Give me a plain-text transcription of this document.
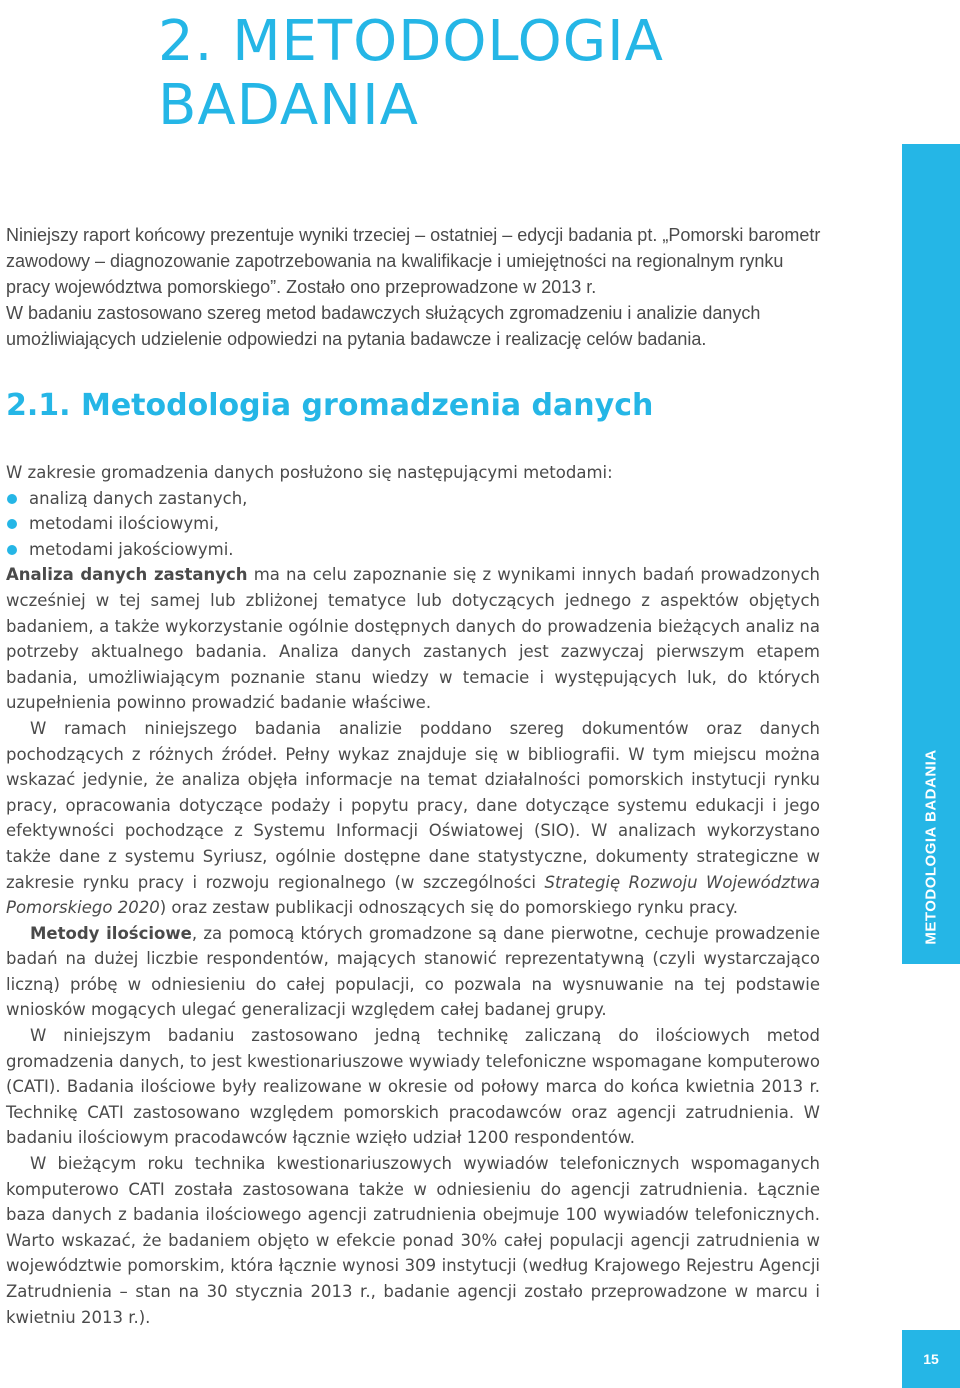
2. METODOLOGIA
BADANIA

Niniejszy raport końcowy prezentuje wyniki trzeciej – ostatniej – edycji badania pt. „Pomorski barometr zawodowy – diagnozowanie zapotrzebowania na kwalifikacje i umiejętności na regionalnym rynku pracy województwa pomorskiego”. Zostało ono przeprowadzone w 2013 r.

W badaniu zastosowano szereg metod badawczych służących zgromadzeniu i analizie danych umożliwiających udzielenie odpowiedzi na pytania badawcze i realizację celów badania.

2.1. Metodologia gromadzenia danych

W zakresie gromadzenia danych posłużono się następującymi metodami:

analizą danych zastanych,
metodami ilościowymi,
metodami jakościowymi.

Analiza danych zastanych ma na celu zapoznanie się z wynikami innych badań prowadzonych wcześniej w tej samej lub zbliżonej tematyce lub dotyczących jednego z aspektów objętych badaniem, a także wykorzystanie ogólnie dostępnych danych do prowadzenia bieżących analiz na potrzeby aktualnego badania. Analiza danych zastanych jest zazwyczaj pierwszym etapem badania, umożliwiającym poznanie stanu wiedzy w temacie i występujących luk, do których uzupełnienia powinno prowadzić badanie właściwe.

W ramach niniejszego badania analizie poddano szereg dokumentów oraz danych pochodzących z różnych źródeł. Pełny wykaz znajduje się w bibliografii. W tym miejscu można wskazać jedynie, że analiza objęła informacje na temat działalności pomorskich instytucji rynku pracy, opracowania dotyczące podaży i popytu pracy, dane dotyczące systemu edukacji i jego efektywności pochodzące z Systemu Informacji Oświatowej (SIO). W analizach wykorzystano także dane z systemu Syriusz, ogólnie dostępne dane statystyczne, dokumenty strategiczne w zakresie rynku pracy i rozwoju regionalnego (w szczególności Strategię Rozwoju Województwa Pomorskiego 2020) oraz zestaw publikacji odnoszących się do pomorskiego rynku pracy.

Metody ilościowe, za pomocą których gromadzone są dane pierwotne, cechuje prowadzenie badań na dużej liczbie respondentów, mających stanowić reprezentatywną (czyli wystarczająco liczną) próbę w odniesieniu do całej populacji, co pozwala na wysnuwanie na tej podstawie wniosków mogących ulegać generalizacji względem całej badanej grupy.

W niniejszym badaniu zastosowano jedną technikę zaliczaną do ilościowych metod gromadzenia danych, to jest kwestionariuszowe wywiady telefoniczne wspomagane komputerowo (CATI). Badania ilościowe były realizowane w okresie od połowy marca do końca kwietnia 2013 r. Technikę CATI zastosowano względem pomorskich pracodawców oraz agencji zatrudnienia. W badaniu ilościowym pracodawców łącznie wzięło udział 1200 respondentów.

W bieżącym roku technika kwestionariuszowych wywiadów telefonicznych wspomaganych komputerowo CATI została zastosowana także w odniesieniu do agencji zatrudnienia. Łącznie baza danych z badania ilościowego agencji zatrudnienia obejmuje 100 wywiadów telefonicznych. Warto wskazać, że badaniem objęto w efekcie ponad 30% całej populacji agencji zatrudnienia w województwie pomorskim, która łącznie wynosi 309 instytucji (według Krajowego Rejestru Agencji Zatrudnienia – stan na 30 stycznia 2013 r., badanie agencji zostało przeprowadzone w marcu i kwietniu 2013 r.).

METODOLOGIA BADANIA
15
